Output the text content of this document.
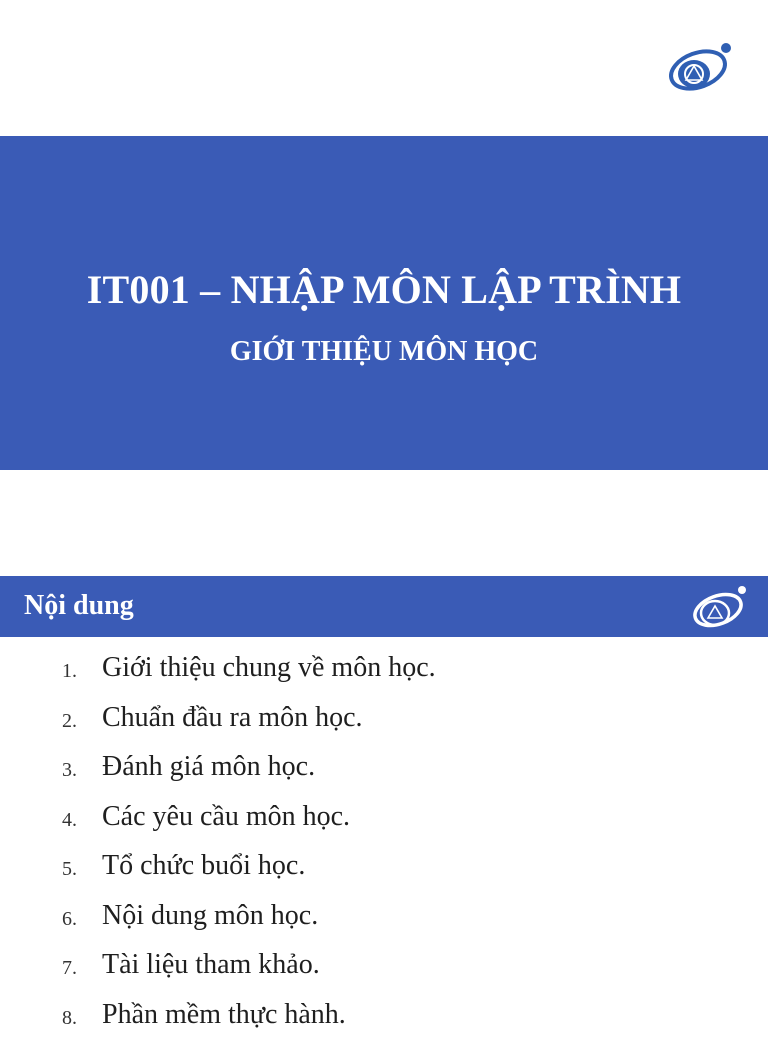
IT001 – NHẬP MÔN LẬP TRÌNH
GIỚI THIỆU MÔN HỌC
Nội dung
1. Giới thiệu chung về môn học.
2. Chuẩn đầu ra môn học.
3. Đánh giá môn học.
4. Các yêu cầu môn học.
5. Tổ chức buổi học.
6. Nội dung môn học.
7. Tài liệu tham khảo.
8. Phần mềm thực hành.
